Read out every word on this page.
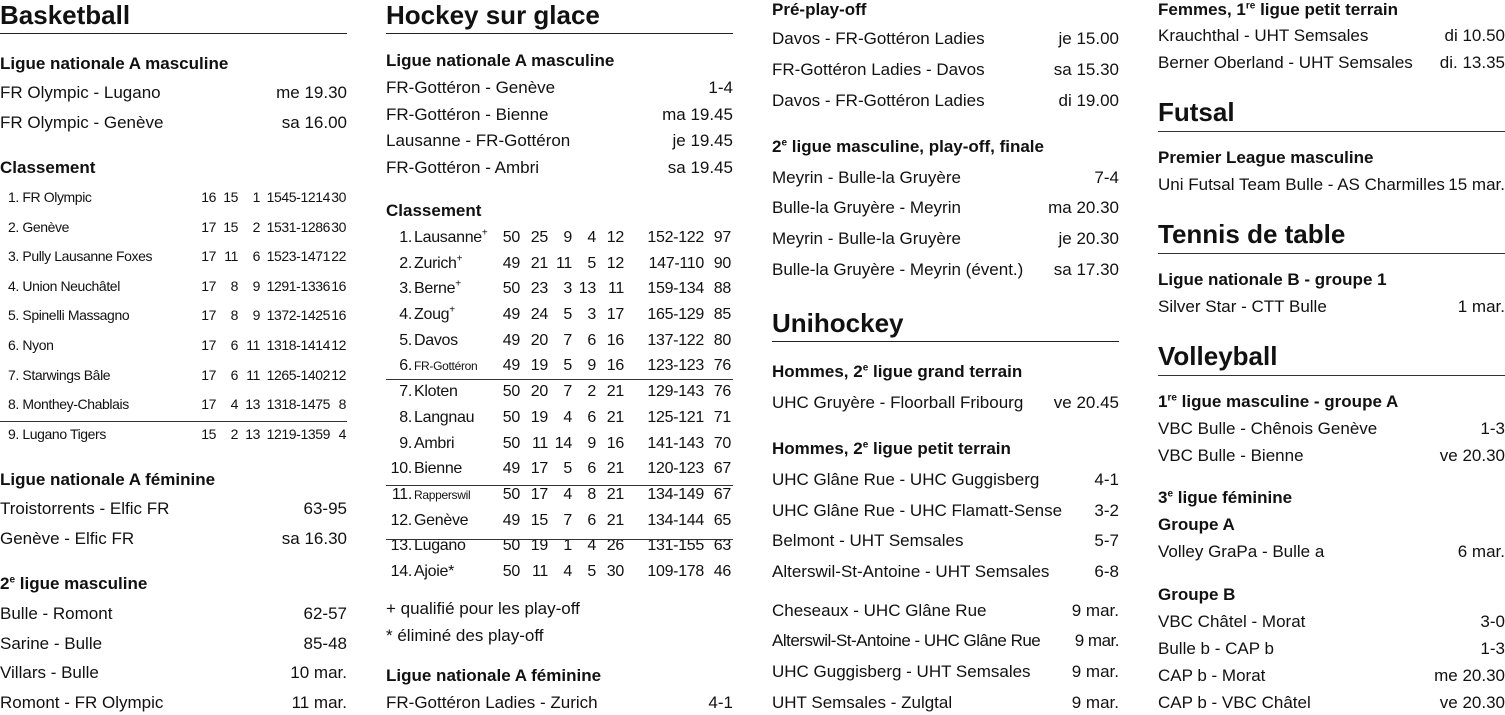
Basketball
Ligue nationale A masculine
FR Olympic - Lugano	me 19.30
FR Olympic - Genève	sa 16.00
Classement
1. FR Olympic	16 15	1 1545-1214 30
2. Genève	17 15	2 1531-1286 30
3. Pully Lausanne Foxes	17 11	6 1523-1471 22
4. Union Neuchâtel	17	8	9 1291-1336 16
5. Spinelli Massagno	17	8	9 1372-1425 16
6. Nyon	17	6 11 1318-1414 12
7. Starwings Bâle	17	6 11 1265-1402 12
8. Monthey-Chablais	17	4 13 1318-1475 8
9. Lugano Tigers	15	2 13 1219-1359 4
Ligue nationale A féminine
Troistorrents - Elfic FR	63-95
Genève - Elfic FR	sa 16.30
2e ligue masculine
Bulle - Romont	62-57
Sarine - Bulle	85-48
Villars - Bulle	10 mar.
Romont - FR Olympic	11 mar.
Hockey sur glace
Ligue nationale A masculine
FR-Gottéron - Genève	1-4
FR-Gottéron - Bienne	ma 19.45
Lausanne - FR-Gottéron	je 19.45
FR-Gottéron - Ambri	sa 19.45
Classement
1. Lausanne+ 50 25 9 4 12	152-122 97
2. Zurich+	49 21 11 5 12	147-110 90
3. Berne+	50 23 3 13 11	159-134 88
4. Zoug+	49 24 5 3 17	165-129 85
5. Davos	49 20 7 6 16	137-122 80
6. FR-Gottéron	49 19 5 9 16	123-123 76
7. Kloten	50 20 7 2 21	129-143 76
8. Langnau	50 19 4 6 21	125-121 71
9. Ambri	50 11 14 9 16	141-143 70
10. Bienne	49 17 5 6 21	120-123 67
11. Rapperswil	50 17 4 8 21	134-149 67
12. Genève	49 15 7 6 21	134-144 65
13. Lugano	50 19 1 4 26	131-155 63
14. Ajoie*	50 11 4 5 30	109-178 46
+ qualifié pour les play-off
* éliminé des play-off
Ligue nationale A féminine
FR-Gottéron Ladies - Zurich	4-1
Pré-play-off
Davos - FR-Gottéron Ladies	je 15.00
FR-Gottéron Ladies - Davos	sa 15.30
Davos - FR-Gottéron Ladies	di 19.00
2e ligue masculine, play-off, finale
Meyrin - Bulle-la Gruyère	7-4
Bulle-la Gruyère - Meyrin	ma 20.30
Meyrin - Bulle-la Gruyère	je 20.30
Bulle-la Gruyère - Meyrin (évent.) sa 17.30
Unihockey
Hommes, 2e ligue grand terrain
UHC Gruyère - Floorball Fribourg ve 20.45
Hommes, 2e ligue petit terrain
UHC Glâne Rue - UHC Guggisberg	4-1
UHC Glâne Rue - UHC Flamatt-Sense 3-2
Belmont - UHT Semsales	5-7
Alterswil-St-Antoine - UHT Semsales	6-8
Cheseaux - UHC Glâne Rue	9 mar.
Alterswil-St-Antoine - UHC Glâne Rue 9 mar.
UHC Guggisberg - UHT Semsales 9 mar.
UHT Semsales - Zulgtal	9 mar.
Femmes, 1re ligue petit terrain
Krauchthal - UHT Semsales	di 10.50
Berner Oberland - UHT Semsales di. 13.35
Futsal
Premier League masculine
Uni Futsal Team Bulle - AS Charmilles 15 mar.
Tennis de table
Ligue nationale B - groupe 1
Silver Star - CTT Bulle	1 mar.
Volleyball
1re ligue masculine - groupe A
VBC Bulle - Chênois Genève	1-3
VBC Bulle - Bienne	ve 20.30
3e ligue féminine
Groupe A
Volley GraPa - Bulle a	6 mar.
Groupe B
VBC Châtel - Morat	3-0
Bulle b - CAP b	1-3
CAP b - Morat	me 20.30
CAP b - VBC Châtel	ve 20.30
